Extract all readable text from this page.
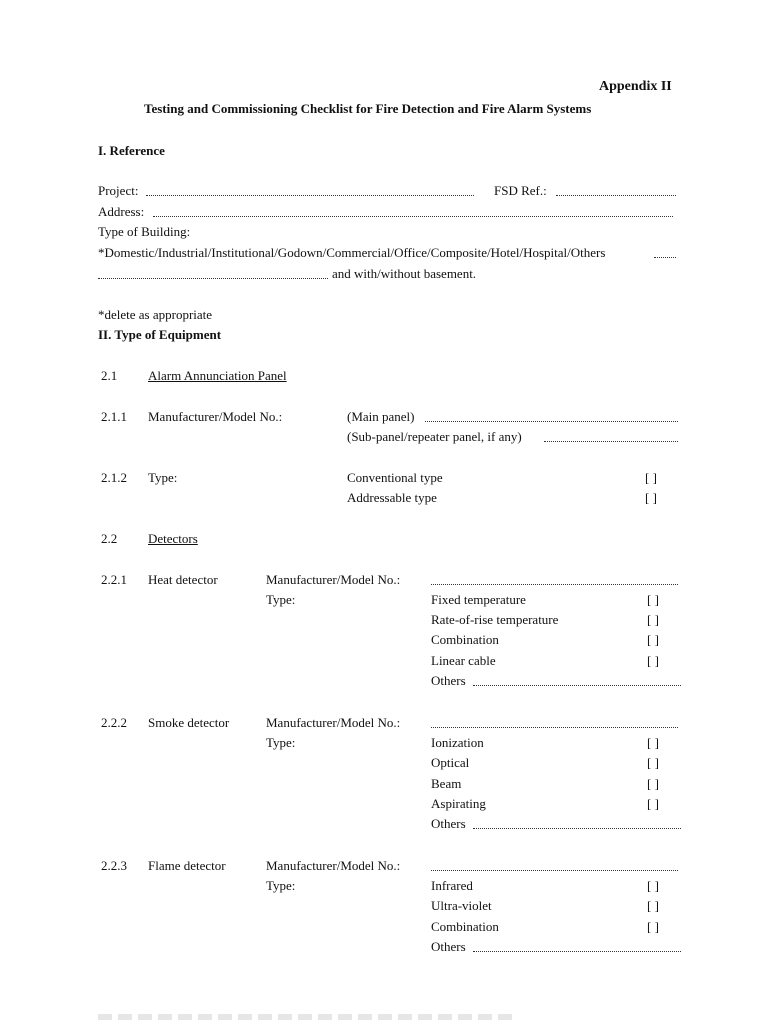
Appendix II
Testing and Commissioning Checklist for Fire Detection and Fire Alarm Systems
I. Reference
Project:	FSD Ref.:
Address:
Type of Building:
*Domestic/Industrial/Institutional/Godown/Commercial/Office/Composite/Hotel/Hospital/Others
and with/without basement.
*delete as appropriate
II. Type of Equipment
2.1 Alarm Annunciation Panel
2.1.1 Manufacturer/Model No.:	(Main panel)
(Sub-panel/repeater panel, if any)
2.1.2 Type:	Conventional type	[ ]
Addressable type	[ ]
2.2 Detectors
2.2.1 Heat detector	Manufacturer/Model No.:
Type:	Fixed temperature	[ ]
Rate-of-rise temperature	[ ]
Combination	[ ]
Linear cable	[ ]
Others
2.2.2 Smoke detector	Manufacturer/Model No.:
Type:	Ionization	[ ]
Optical	[ ]
Beam	[ ]
Aspirating	[ ]
Others
2.2.3 Flame detector	Manufacturer/Model No.:
Type:	Infrared	[ ]
Ultra-violet	[ ]
Combination	[ ]
Others
